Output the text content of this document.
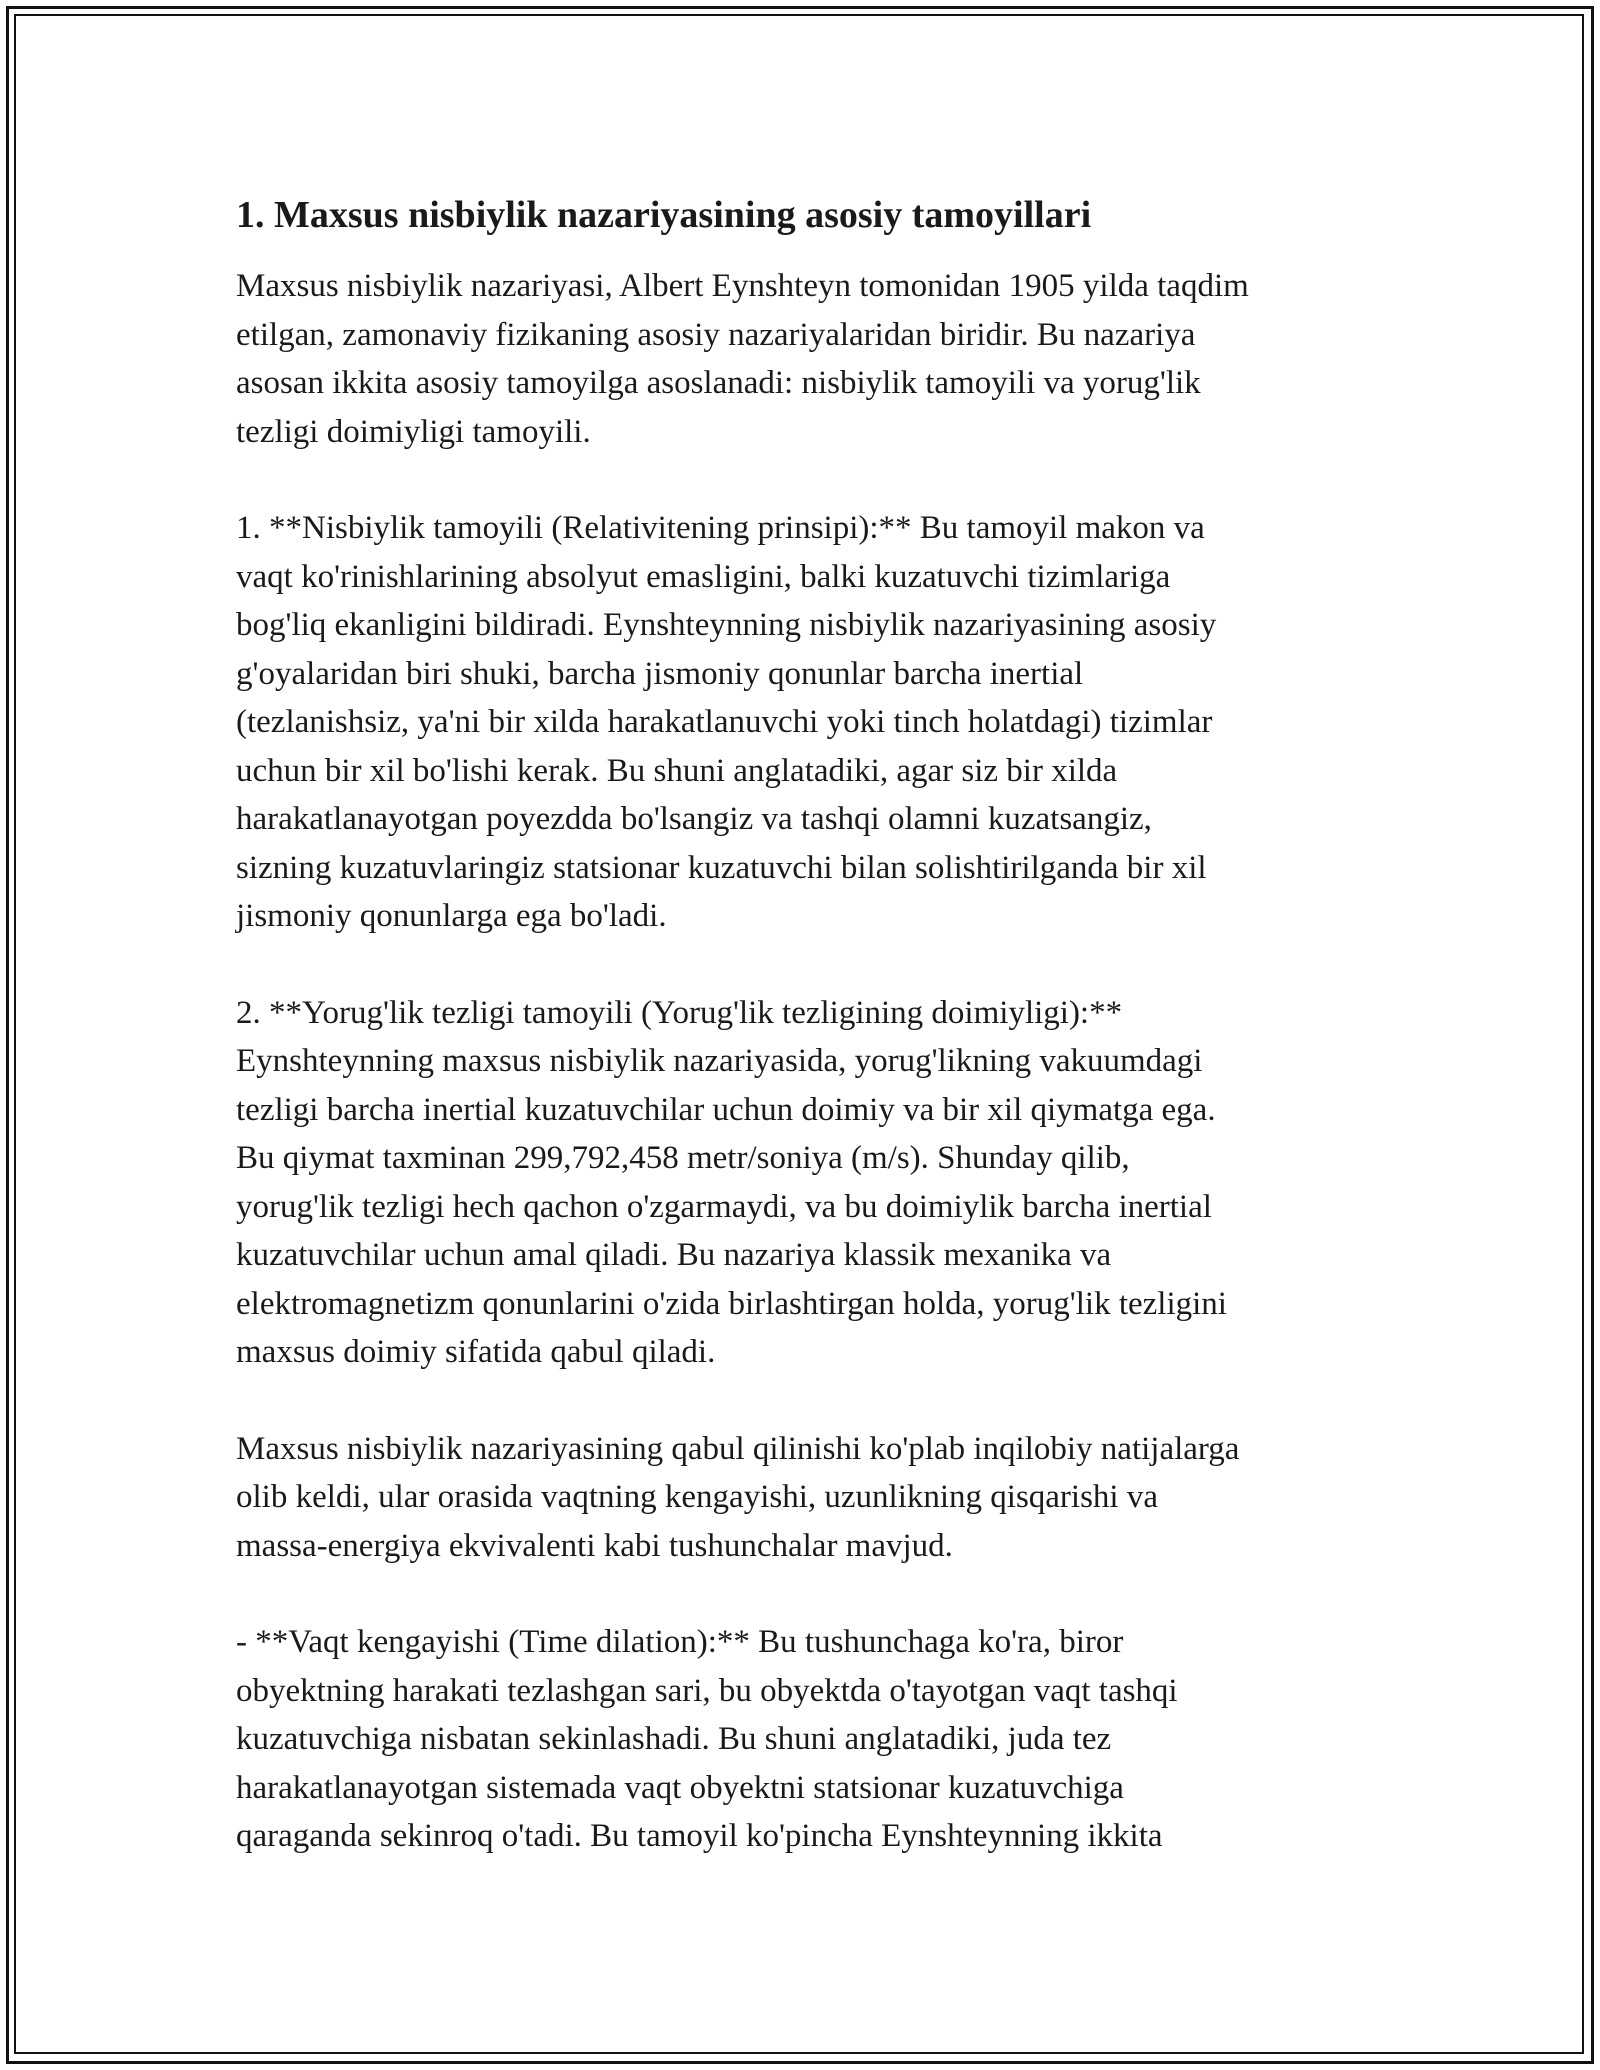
1. Maxsus nisbiylik nazariyasining asosiy tamoyillari

Maxsus nisbiylik nazariyasi, Albert Eynshteyn tomonidan 1905 yilda taqdim
etilgan, zamonaviy fizikaning asosiy nazariyalaridan biridir. Bu nazariya
asosan ikkita asosiy tamoyilga asoslanadi: nisbiylik tamoyili va yorug'lik
tezligi doimiyligi tamoyili.

1. **Nisbiylik tamoyili (Relativitening prinsipi):** Bu tamoyil makon va
vaqt ko'rinishlarining absolyut emasligini, balki kuzatuvchi tizimlariga
bog'liq ekanligini bildiradi. Eynshteynning nisbiylik nazariyasining asosiy
g'oyalaridan biri shuki, barcha jismoniy qonunlar barcha inertial
(tezlanishsiz, ya'ni bir xilda harakatlanuvchi yoki tinch holatdagi) tizimlar
uchun bir xil bo'lishi kerak. Bu shuni anglatadiki, agar siz bir xilda
harakatlanayotgan poyezdda bo'lsangiz va tashqi olamni kuzatsangiz,
sizning kuzatuvlaringiz statsionar kuzatuvchi bilan solishtirilganda bir xil
jismoniy qonunlarga ega bo'ladi.

2. **Yorug'lik tezligi tamoyili (Yorug'lik tezligining doimiyligi):**
Eynshteynning maxsus nisbiylik nazariyasida, yorug'likning vakuumdagi
tezligi barcha inertial kuzatuvchilar uchun doimiy va bir xil qiymatga ega.
Bu qiymat taxminan 299,792,458 metr/soniya (m/s). Shunday qilib,
yorug'lik tezligi hech qachon o'zgarmaydi, va bu doimiylik barcha inertial
kuzatuvchilar uchun amal qiladi. Bu nazariya klassik mexanika va
elektromagnetizm qonunlarini o'zida birlashtirgan holda, yorug'lik tezligini
maxsus doimiy sifatida qabul qiladi.

Maxsus nisbiylik nazariyasining qabul qilinishi ko'plab inqilobiy natijalarga
olib keldi, ular orasida vaqtning kengayishi, uzunlikning qisqarishi va
massa-energiya ekvivalenti kabi tushunchalar mavjud.

- **Vaqt kengayishi (Time dilation):** Bu tushunchaga ko'ra, biror
obyektning harakati tezlashgan sari, bu obyektda o'tayotgan vaqt tashqi
kuzatuvchiga nisbatan sekinlashadi. Bu shuni anglatadiki, juda tez
harakatlanayotgan sistemada vaqt obyektni statsionar kuzatuvchiga
qaraganda sekinroq o'tadi. Bu tamoyil ko'pincha Eynshteynning ikkita
